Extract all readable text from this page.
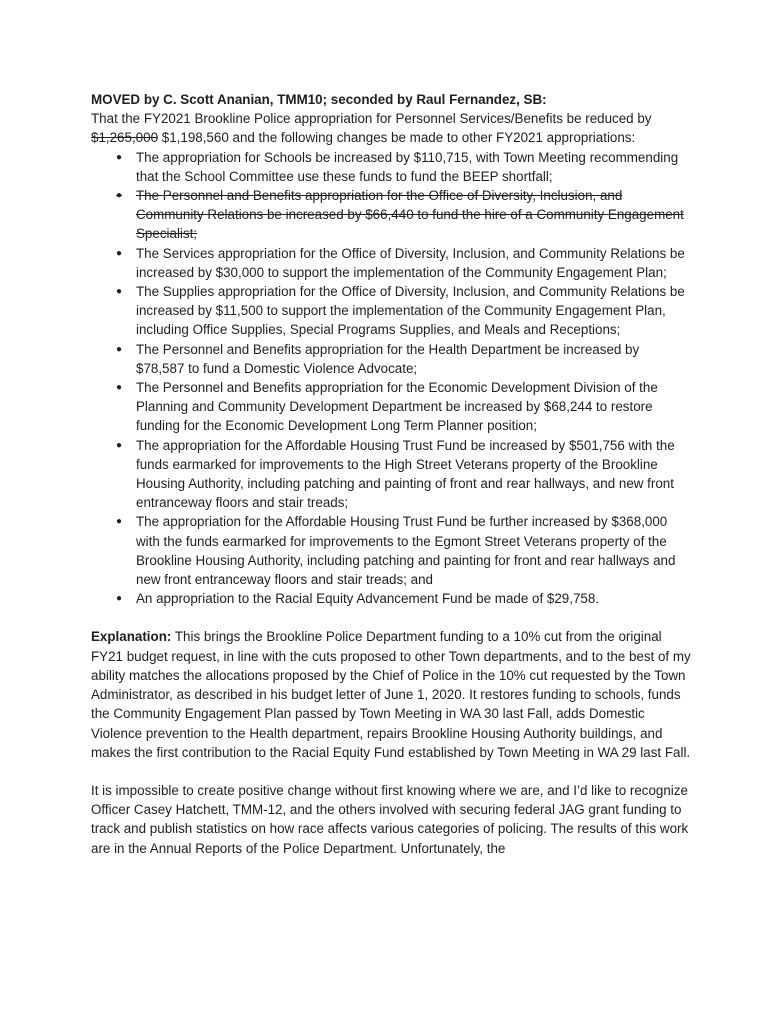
MOVED by C. Scott Ananian, TMM10; seconded by Raul Fernandez, SB:

That the FY2021 Brookline Police appropriation for Personnel Services/Benefits be reduced by $1,265,000 $1,198,560 and the following changes be made to other FY2021 appropriations:

● The appropriation for Schools be increased by $110,715, with Town Meeting recommending that the School Committee use these funds to fund the BEEP shortfall;
● The Personnel and Benefits appropriation for the Office of Diversity, Inclusion, and Community Relations be increased by $66,440 to fund the hire of a Community Engagement Specialist;
● The Services appropriation for the Office of Diversity, Inclusion, and Community Relations be increased by $30,000 to support the implementation of the Community Engagement Plan;
● The Supplies appropriation for the Office of Diversity, Inclusion, and Community Relations be increased by $11,500 to support the implementation of the Community Engagement Plan, including Office Supplies, Special Programs Supplies, and Meals and Receptions;
● The Personnel and Benefits appropriation for the Health Department be increased by $78,587 to fund a Domestic Violence Advocate;
● The Personnel and Benefits appropriation for the Economic Development Division of the Planning and Community Development Department be increased by $68,244 to restore funding for the Economic Development Long Term Planner position;
● The appropriation for the Affordable Housing Trust Fund be increased by $501,756 with the funds earmarked for improvements to the High Street Veterans property of the Brookline Housing Authority, including patching and painting of front and rear hallways, and new front entranceway floors and stair treads;
● The appropriation for the Affordable Housing Trust Fund be further increased by $368,000 with the funds earmarked for improvements to the Egmont Street Veterans property of the Brookline Housing Authority, including patching and painting for front and rear hallways and new front entranceway floors and stair treads; and
● An appropriation to the Racial Equity Advancement Fund be made of $29,758.

Explanation: This brings the Brookline Police Department funding to a 10% cut from the original FY21 budget request, in line with the cuts proposed to other Town departments, and to the best of my ability matches the allocations proposed by the Chief of Police in the 10% cut requested by the Town Administrator, as described in his budget letter of June 1, 2020. It restores funding to schools, funds the Community Engagement Plan passed by Town Meeting in WA 30 last Fall, adds Domestic Violence prevention to the Health department, repairs Brookline Housing Authority buildings, and makes the first contribution to the Racial Equity Fund established by Town Meeting in WA 29 last Fall.

It is impossible to create positive change without first knowing where we are, and I’d like to recognize Officer Casey Hatchett, TMM-12, and the others involved with securing federal JAG grant funding to track and publish statistics on how race affects various categories of policing. The results of this work are in the Annual Reports of the Police Department. Unfortunately, the
